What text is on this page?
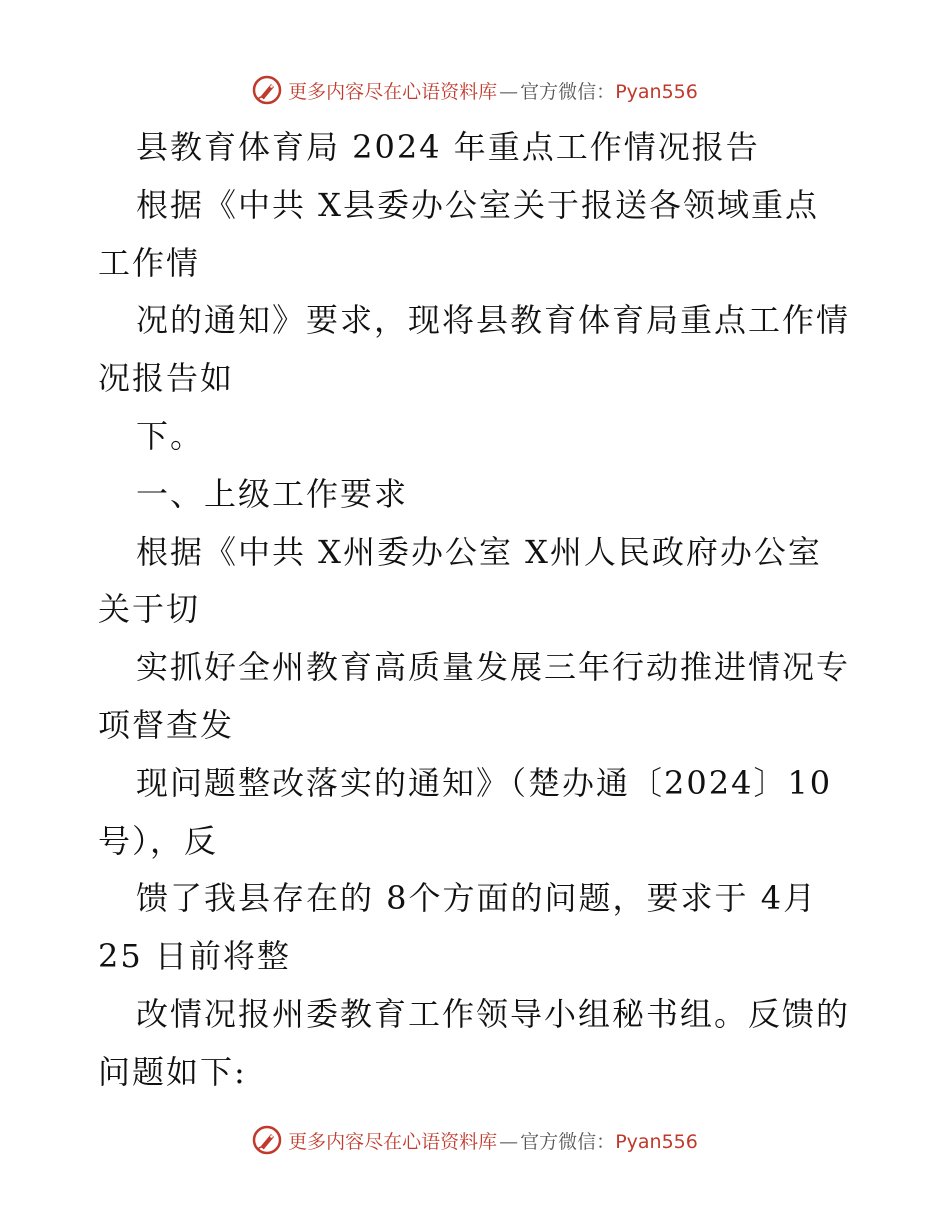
更多内容尽在心语资料库 — 官方微信：Pyan556
县教育体育局 2024 年重点工作情况报告
根据《中共 X县委办公室关于报送各领域重点
工作情
况的通知》要求，现将县教育体育局重点工作情
况报告如
下。
一、上级工作要求
根据《中共 X州委办公室 X州人民政府办公室
关于切
实抓好全州教育高质量发展三年行动推进情况专
项督查发
现问题整改落实的通知》（楚办通〔2024〕10
号），反
馈了我县存在的 8个方面的问题，要求于 4月
25 日前将整
改情况报州委教育工作领导小组秘书组。反馈的
问题如下:
更多内容尽在心语资料库 — 官方微信：Pyan556
